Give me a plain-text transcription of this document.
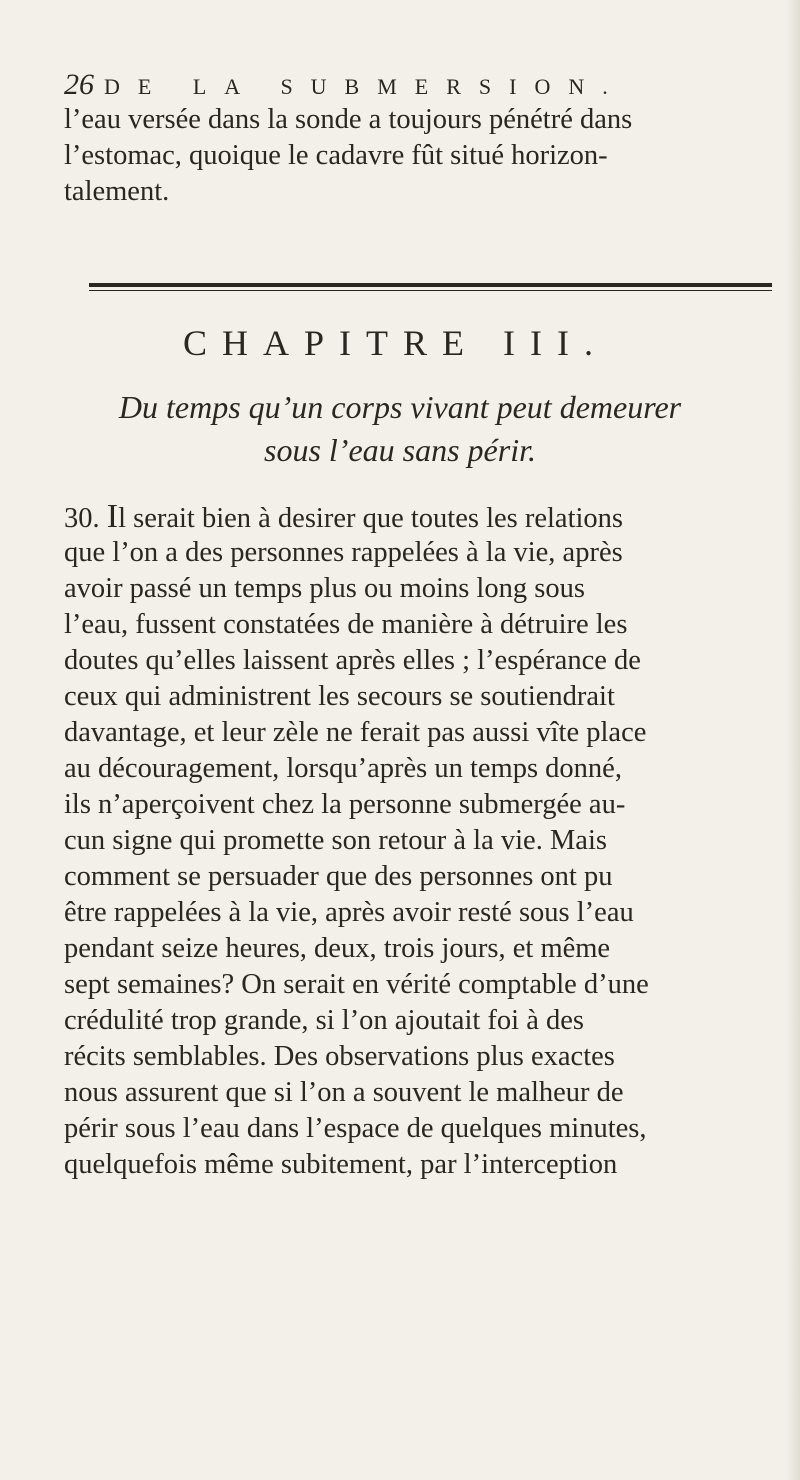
26 DE LA SUBMERSION.
l’eau versée dans la sonde a toujours pénétré dans
l’estomac, quoique le cadavre fût situé horizon-
talement.
CHAPITRE III.
Du temps qu’un corps vivant peut demeurer
sous l’eau sans périr.
30. Il serait bien à desirer que toutes les relations
que l’on a des personnes rappelées à la vie, après
avoir passé un temps plus ou moins long sous
l’eau, fussent constatées de manière à détruire les
doutes qu’elles laissent après elles ; l’espérance de
ceux qui administrent les secours se soutiendrait
davantage, et leur zèle ne ferait pas aussi vîte place
au découragement, lorsqu’après un temps donné,
ils n’aperçoivent chez la personne submergée au-
cun signe qui promette son retour à la vie. Mais
comment se persuader que des personnes ont pu
être rappelées à la vie, après avoir resté sous l’eau
pendant seize heures, deux, trois jours, et même
sept semaines? On serait en vérité comptable d’une
crédulité trop grande, si l’on ajoutait foi à des
récits semblables. Des observations plus exactes
nous assurent que si l’on a souvent le malheur de
périr sous l’eau dans l’espace de quelques minutes,
quelquefois même subitement, par l’interception
